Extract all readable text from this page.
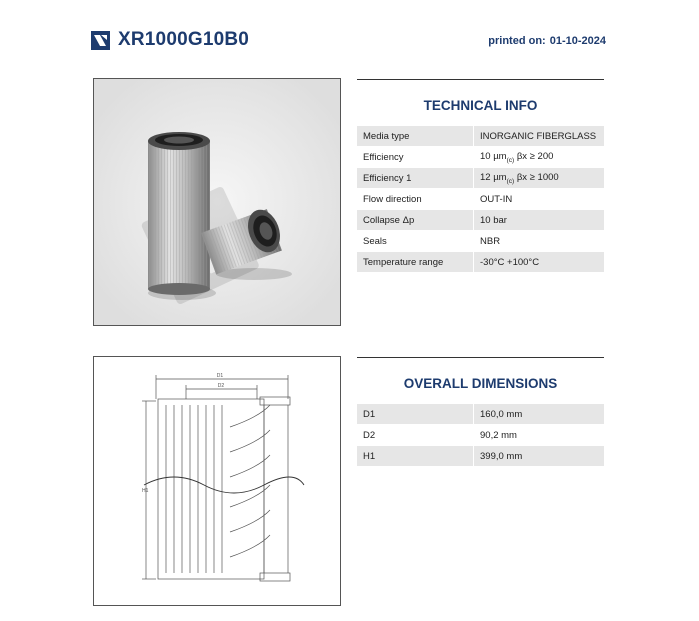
XR1000G10B0	printed on: 01-10-2024
TECHNICAL INFO
Media type	INORGANIC FIBERGLASS
Efficiency	10 µm$_{(c)}$ βx ≥ 200
Efficiency 1	12 µm$_{(c)}$ βx ≥ 1000
Flow direction	OUT-IN
Collapse Δp	10 bar
Seals	NBR
Temperature range	-30°C +100°C
D1
D2
H1
OVERALL DIMENSIONS
D1	160,0 mm
D2	90,2 mm
H1	399,0 mm
